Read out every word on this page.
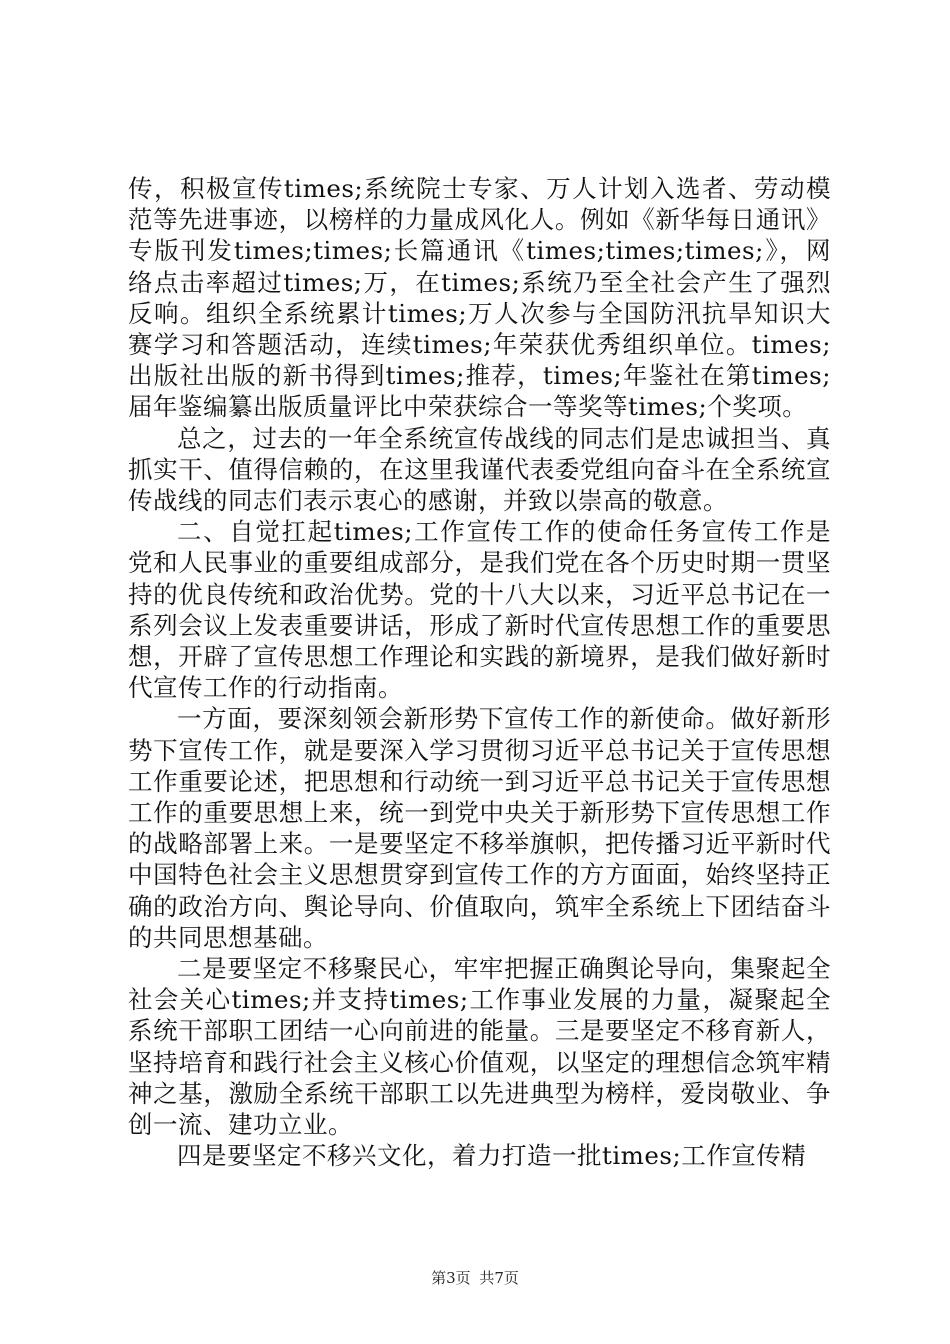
传，积极宣传times;系统院士专家、万人计划入选者、劳动模范等先进事迹，以榜样的力量成风化人。例如《新华每日通讯》专版刊发times;times;长篇通讯《times;times;times;》，网络点击率超过times;万，在times;系统乃至全社会产生了强烈反响。组织全系统累计times;万人次参与全国防汛抗旱知识大赛学习和答题活动，连续times;年荣获优秀组织单位。times;出版社出版的新书得到times;推荐，times;年鉴社在第times;届年鉴编纂出版质量评比中荣获综合一等奖等times;个奖项。

总之，过去的一年全系统宣传战线的同志们是忠诚担当、真抓实干、值得信赖的，在这里我谨代表委党组向奋斗在全系统宣传战线的同志们表示衷心的感谢，并致以崇高的敬意。

二、自觉扛起times;工作宣传工作的使命任务宣传工作是党和人民事业的重要组成部分，是我们党在各个历史时期一贯坚持的优良传统和政治优势。党的十八大以来，习近平总书记在一系列会议上发表重要讲话，形成了新时代宣传思想工作的重要思想，开辟了宣传思想工作理论和实践的新境界，是我们做好新时代宣传工作的行动指南。

一方面，要深刻领会新形势下宣传工作的新使命。做好新形势下宣传工作，就是要深入学习贯彻习近平总书记关于宣传思想工作重要论述，把思想和行动统一到习近平总书记关于宣传思想工作的重要思想上来，统一到党中央关于新形势下宣传思想工作的战略部署上来。一是要坚定不移举旗帜，把传播习近平新时代中国特色社会主义思想贯穿到宣传工作的方方面面，始终坚持正确的政治方向、舆论导向、价值取向，筑牢全系统上下团结奋斗的共同思想基础。

二是要坚定不移聚民心，牢牢把握正确舆论导向，集聚起全社会关心times;并支持times;工作事业发展的力量，凝聚起全系统干部职工团结一心向前进的能量。三是要坚定不移育新人，坚持培育和践行社会主义核心价值观，以坚定的理想信念筑牢精神之基，激励全系统干部职工以先进典型为榜样，爱岗敬业、争创一流、建功立业。

四是要坚定不移兴文化，着力打造一批times;工作宣传精

第3页 共7页
